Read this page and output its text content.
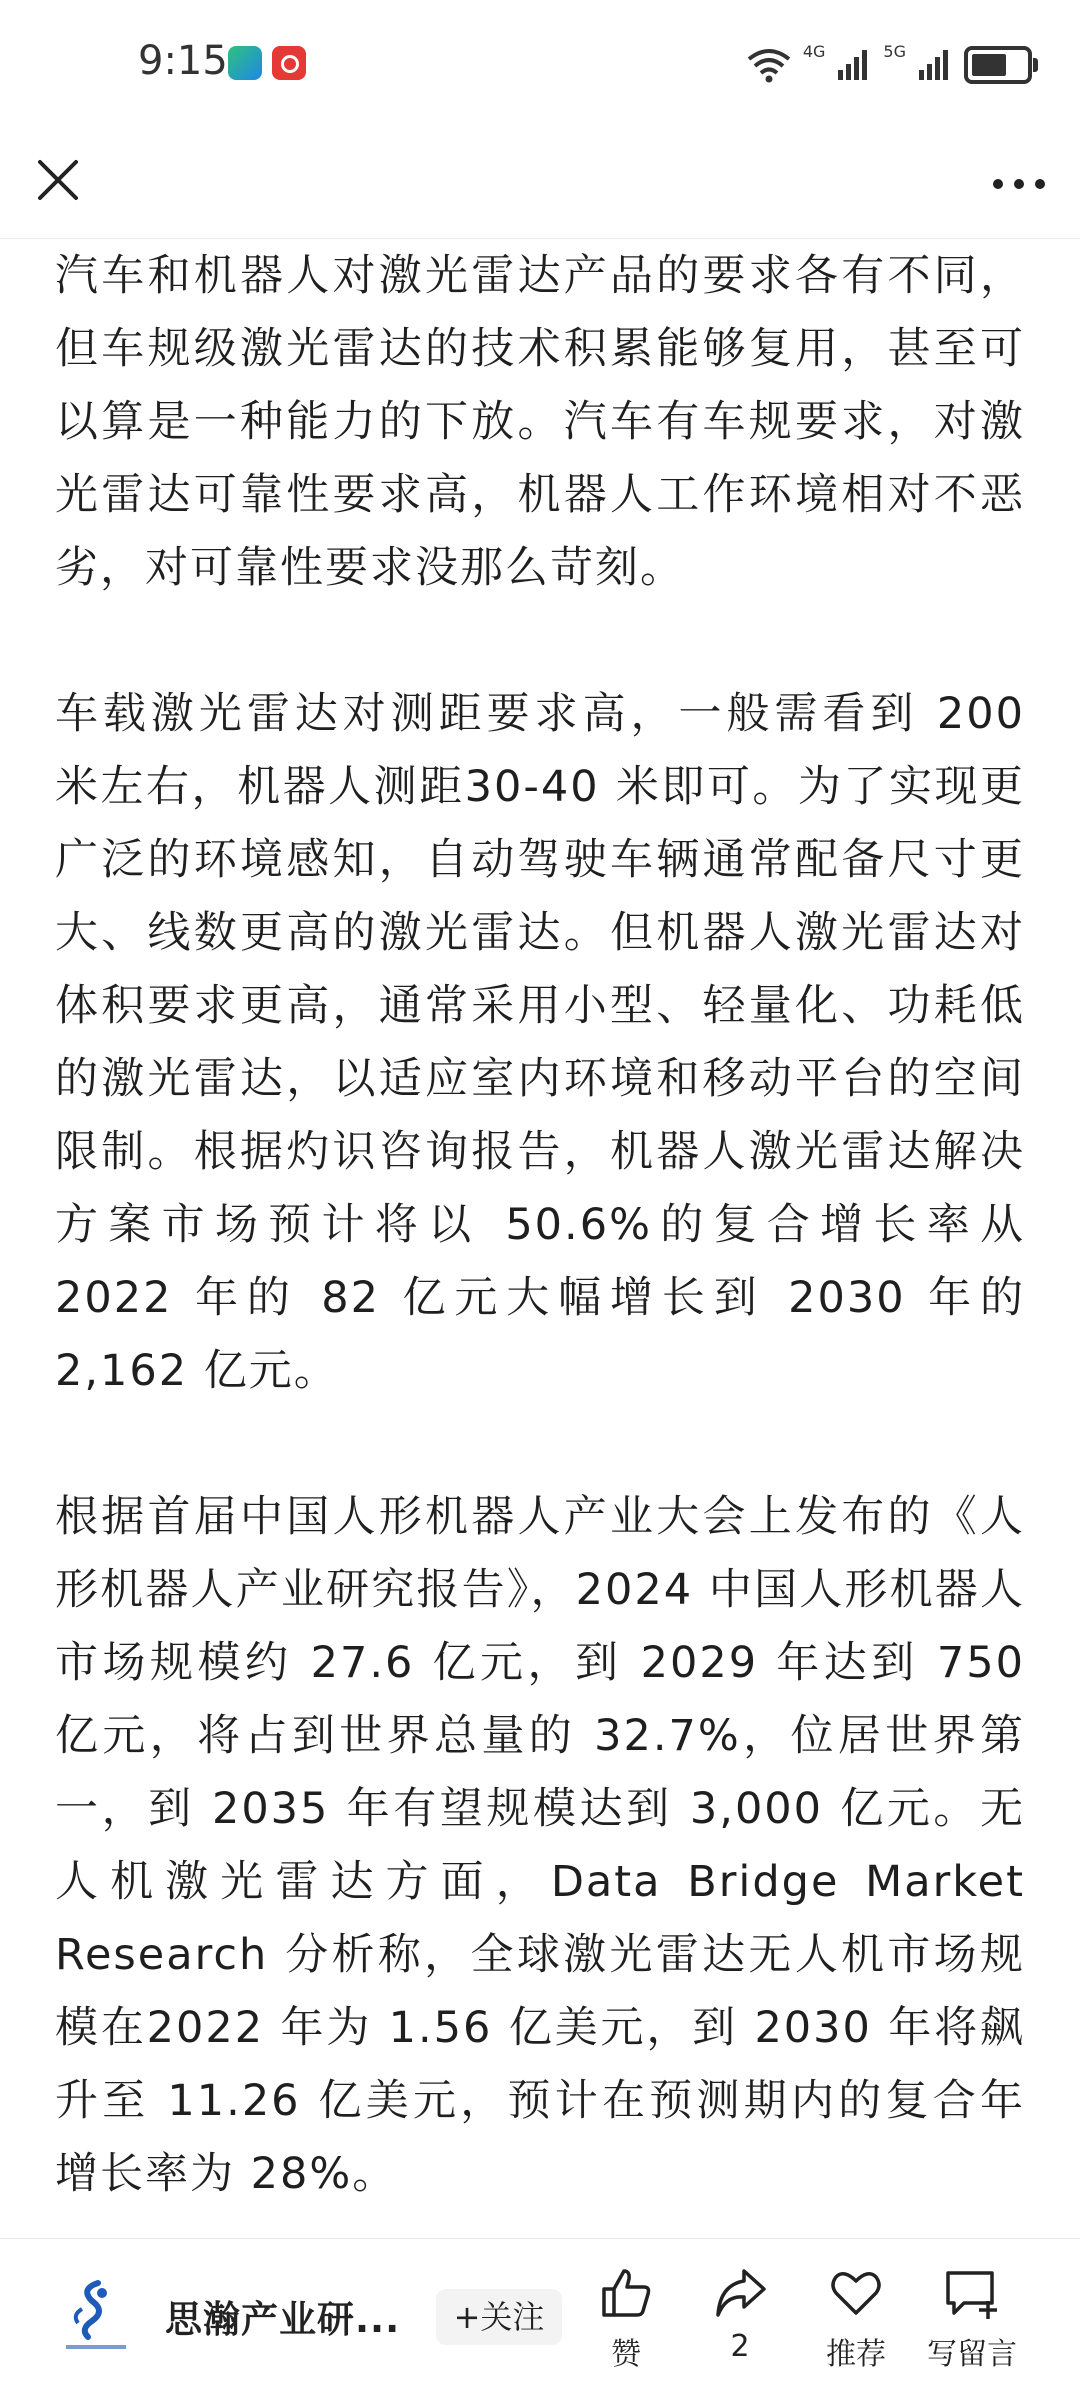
9:15	4G	5G

汽车和机器人对激光雷达产品的要求各有不同，但车规级激光雷达的技术积累能够复用，甚至可以算是一种能力的下放。汽车有车规要求，对激光雷达可靠性要求高，机器人工作环境相对不恶劣，对可靠性要求没那么苛刻。

车载激光雷达对测距要求高，一般需看到 200 米左右，机器人测距30-40 米即可。为了实现更广泛的环境感知，自动驾驶车辆通常配备尺寸更大、线数更高的激光雷达。但机器人激光雷达对体积要求更高，通常采用小型、轻量化、功耗低的激光雷达，以适应室内环境和移动平台的空间限制。根据灼识咨询报告，机器人激光雷达解决方案市场预计将以 50.6%的复合增长率从 2022 年的 82 亿元大幅增长到 2030 年的 2,162 亿元。

根据首届中国人形机器人产业大会上发布的《人形机器人产业研究报告》，2024 中国人形机器人市场规模约 27.6 亿元，到 2029 年达到 750 亿元，将占到世界总量的 32.7%，位居世界第一，到 2035 年有望规模达到 3,000 亿元。无人机激光雷达方面，Data Bridge Market Research 分析称，全球激光雷达无人机市场规模在2022 年为 1.56 亿美元，到 2030 年将飙升至 11.26 亿美元，预计在预测期内的复合年增长率为 28%。

思瀚产业研...	+关注
赞	2	推荐	写留言
